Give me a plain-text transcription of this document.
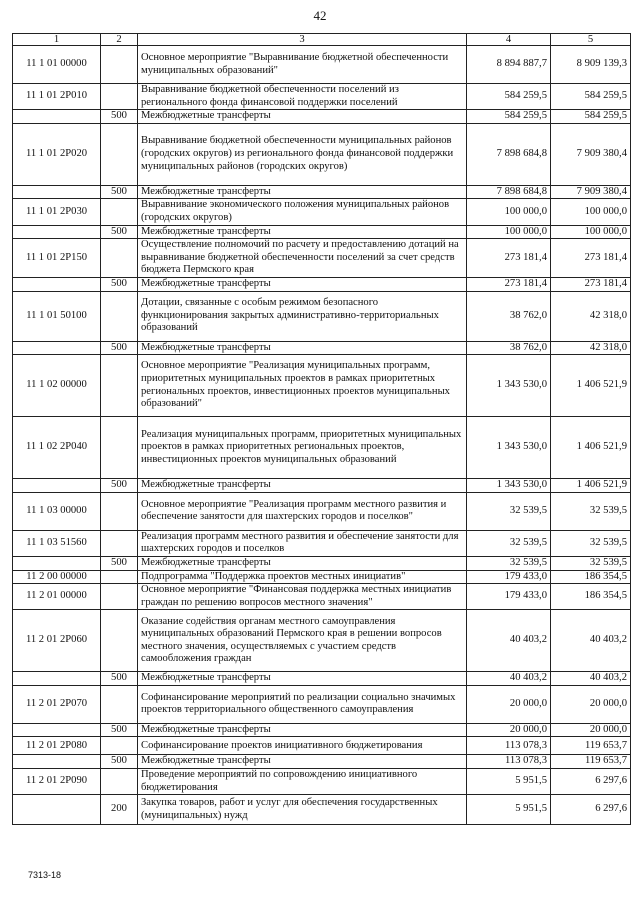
42
1	2	3	4	5
11 1 01 00000		Основное мероприятие "Выравнивание бюджетной обеспеченности муниципальных образований"	8 894 887,7	8 909 139,3
11 1 01 2Р010		Выравнивание бюджетной обеспеченности поселений из регионального фонда финансовой поддержки поселений	584 259,5	584 259,5
	500	Межбюджетные трансферты	584 259,5	584 259,5
11 1 01 2Р020		Выравнивание бюджетной обеспеченности муниципальных районов (городских округов) из регионального фонда финансовой поддержки муниципальных районов (городских округов)	7 898 684,8	7 909 380,4
	500	Межбюджетные трансферты	7 898 684,8	7 909 380,4
11 1 01 2Р030		Выравнивание экономического положения муниципальных районов (городских округов)	100 000,0	100 000,0
	500	Межбюджетные трансферты	100 000,0	100 000,0
11 1 01 2Р150		Осуществление полномочий по расчету и предоставлению дотаций на выравнивание бюджетной обеспеченности поселений за счет средств бюджета Пермского края	273 181,4	273 181,4
	500	Межбюджетные трансферты	273 181,4	273 181,4
11 1 01 50100		Дотации, связанные с особым режимом безопасного функционирования закрытых административно-территориальных образований	38 762,0	42 318,0
	500	Межбюджетные трансферты	38 762,0	42 318,0
11 1 02 00000		Основное мероприятие "Реализация муниципальных программ, приоритетных муниципальных проектов в рамках приоритетных региональных проектов, инвестиционных проектов муниципальных образований"	1 343 530,0	1 406 521,9
11 1 02 2Р040		Реализация муниципальных программ, приоритетных муниципальных проектов в рамках приоритетных региональных проектов, инвестиционных проектов муниципальных образований	1 343 530,0	1 406 521,9
	500	Межбюджетные трансферты	1 343 530,0	1 406 521,9
11 1 03 00000		Основное мероприятие "Реализация программ местного развития и обеспечение занятости для шахтерских городов и поселков"	32 539,5	32 539,5
11 1 03 51560		Реализация программ местного развития и обеспечение занятости для шахтерских городов и поселков	32 539,5	32 539,5
	500	Межбюджетные трансферты	32 539,5	32 539,5
11 2 00 00000		Подпрограмма "Поддержка проектов местных инициатив"	179 433,0	186 354,5
11 2 01 00000		Основное мероприятие "Финансовая поддержка местных инициатив граждан по решению вопросов местного значения"	179 433,0	186 354,5
11 2 01 2Р060		Оказание содействия органам местного самоуправления муниципальных образований Пермского края в решении вопросов местного значения, осуществляемых с участием средств самообложения граждан	40 403,2	40 403,2
	500	Межбюджетные трансферты	40 403,2	40 403,2
11 2 01 2Р070		Софинансирование мероприятий по реализации социально значимых проектов территориального общественного самоуправления	20 000,0	20 000,0
	500	Межбюджетные трансферты	20 000,0	20 000,0
11 2 01 2Р080		Софинансирование проектов инициативного бюджетирования	113 078,3	119 653,7
	500	Межбюджетные трансферты	113 078,3	119 653,7
11 2 01 2Р090		Проведение мероприятий по сопровождению инициативного бюджетирования	5 951,5	6 297,6
	200	Закупка товаров, работ и услуг для обеспечения государственных (муниципальных) нужд	5 951,5	6 297,6
7313-18
